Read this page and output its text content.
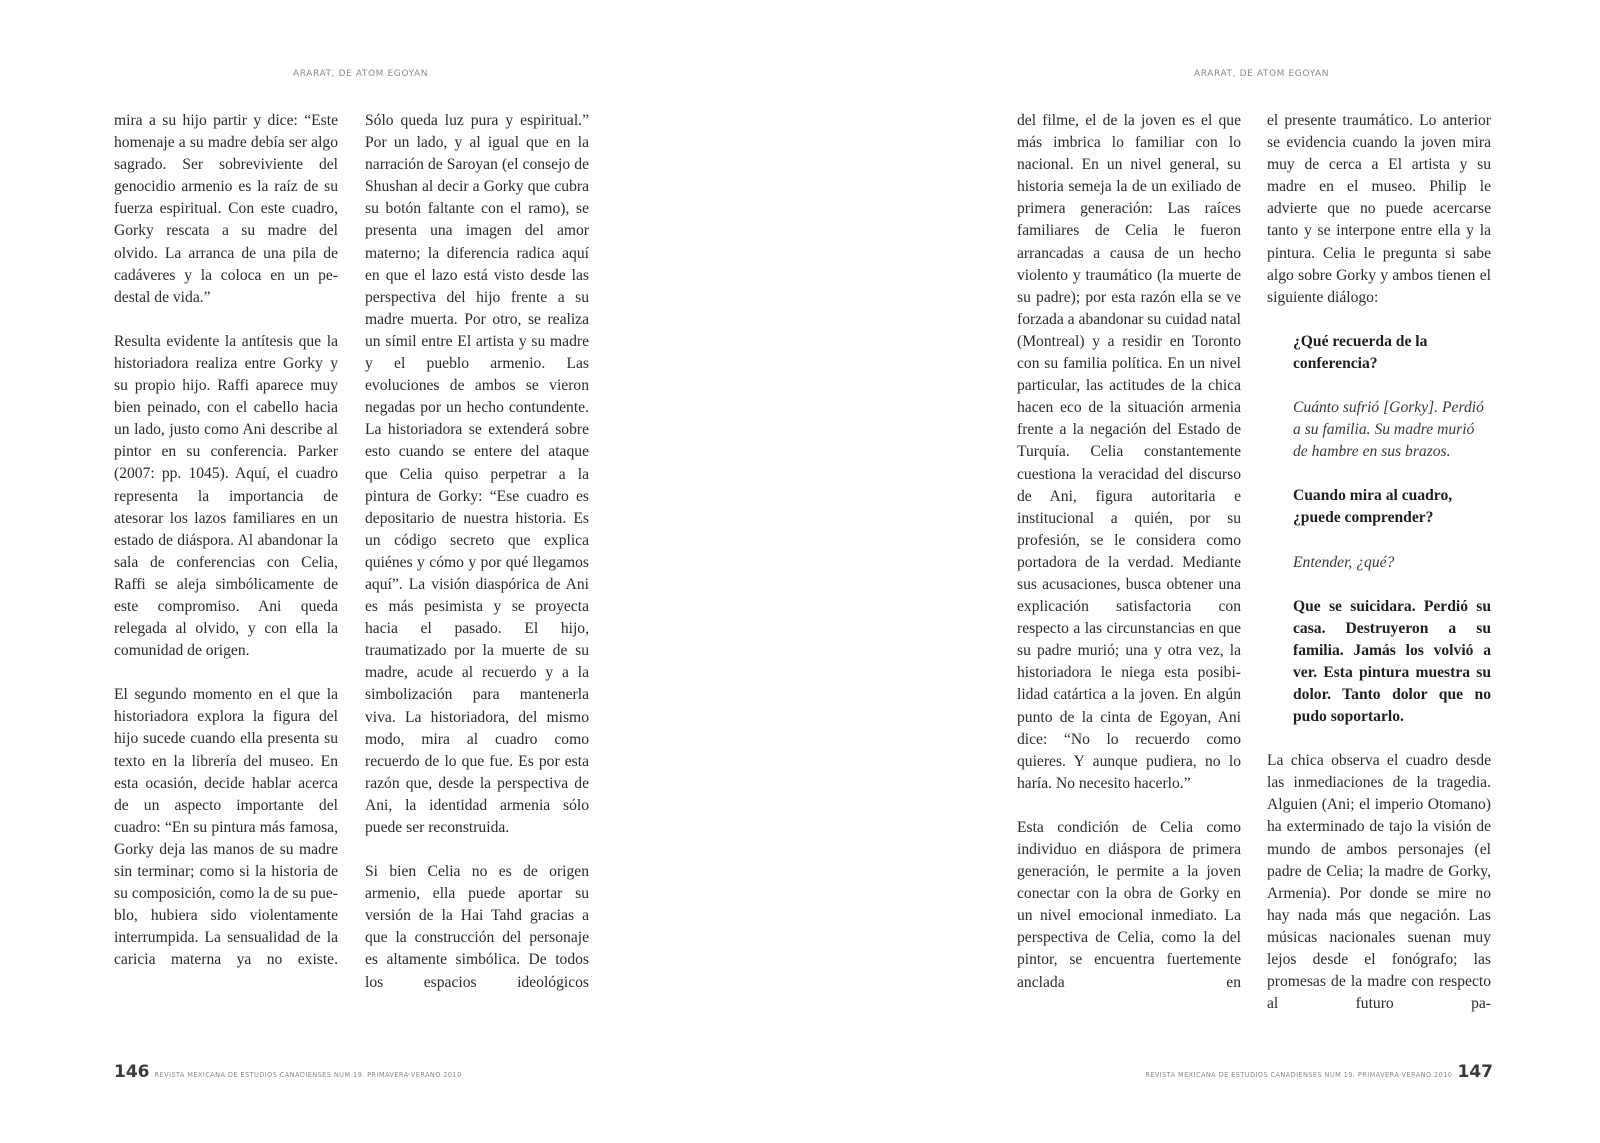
ARARAT, DE ATOM EGOYAN

mira a su hijo partir y dice: “Este homenaje a su madre debía ser algo sagrado. Ser sobreviviente del genocidio armenio es la raíz de su fuerza espiritual. Con este cuadro, Gorky rescata a su madre del olvido. La arranca de una pila de cadáveres y la coloca en un pedestal de vida.”

Resulta evidente la antítesis que la historiadora realiza entre Gorky y su propio hijo. Raffi aparece muy bien peinado, con el cabello hacia un lado, justo como Ani describe al pintor en su conferencia. Parker (2007: pp. 1045). Aquí, el cuadro representa la importancia de atesorar los lazos familiares en un estado de diáspora. Al abandonar la sala de conferencias con Celia, Raffi se aleja simbólicamente de este compromiso. Ani queda relegada al olvido, y con ella la comunidad de origen.

El segundo momento en el que la historiadora explora la figura del hijo sucede cuando ella presenta su texto en la librería del museo. En esta ocasión, decide hablar acerca de un aspecto importante del cuadro: “En su pintura más famosa, Gorky deja las manos de su madre sin terminar; como si la historia de su composición, como la de su pueblo, hubiera sido violentamente interrumpida. La sensualidad de la caricia materna ya no existe.

Sólo queda luz pura y espiritual.” Por un lado, y al igual que en la narración de Saroyan (el consejo de Shushan al decir a Gorky que cubra su botón faltante con el ramo), se presenta una imagen del amor materno; la diferencia radica aquí en que el lazo está visto desde las perspectiva del hijo frente a su madre muerta. Por otro, se realiza un símil entre El artista y su madre y el pueblo armenio. Las evoluciones de ambos se vieron negadas por un hecho contundente. La historiadora se extenderá sobre esto cuando se entere del ataque que Celia quiso perpetrar a la pintura de Gorky: “Ese cuadro es depositario de nuestra historia. Es un código secreto que explica quiénes y cómo y por qué llegamos aquí”. La visión diaspórica de Ani es más pesimista y se proyecta hacia el pasado. El hijo, traumatizado por la muerte de su madre, acude al recuerdo y a la simbolización para mantenerla viva. La historiadora, del mismo modo, mira al cuadro como recuerdo de lo que fue. Es por esta razón que, desde la perspectiva de Ani, la identidad armenia sólo puede ser reconstruida.

Si bien Celia no es de origen armenio, ella puede aportar su versión de la Hai Tahd gracias a que la construcción del personaje es altamente simbólica. De todos los espacios ideológicos

146 REVISTA MEXICANA DE ESTUDIOS CANADIENSES NUM 19. PRIMAVERA-VERANO 2010
ARARAT, DE ATOM EGOYAN

del filme, el de la joven es el que más imbrica lo familiar con lo nacional. En un nivel general, su historia semeja la de un exiliado de primera generación: Las raíces familiares de Celia le fueron arrancadas a causa de un hecho violento y traumático (la muerte de su padre); por esta razón ella se ve forzada a abandonar su cuidad natal (Montreal) y a residir en Toronto con su familia política. En un nivel particular, las actitudes de la chica hacen eco de la situación armenia frente a la negación del Estado de Turquía. Celia constantemente cuestiona la veracidad del discurso de Ani, figura autoritaria e institucional a quién, por su profesión, se le considera como portadora de la verdad. Mediante sus acusaciones, busca obtener una explicación satisfactoria con respecto a las circunstancias en que su padre murió; una y otra vez, la historiadora le niega esta posibilidad catártica a la joven. En algún punto de la cinta de Egoyan, Ani dice: “No lo recuerdo como quieres. Y aunque pudiera, no lo haría. No necesito hacerlo.”

Esta condición de Celia como individuo en diáspora de primera generación, le permite a la joven conectar con la obra de Gorky en un nivel emocional inmediato. La perspectiva de Celia, como la del pintor, se encuentra fuertemente anclada en

el presente traumático. Lo anterior se evidencia cuando la joven mira muy de cerca a El artista y su madre en el museo. Philip le advierte que no puede acercarse tanto y se interpone entre ella y la pintura. Celia le pregunta si sabe algo sobre Gorky y ambos tienen el siguiente diálogo:

¿Qué recuerda de la conferencia?
Cuánto sufrió [Gorky]. Perdió a su familia. Su madre murió de hambre en sus brazos.
Cuando mira al cuadro, ¿puede comprender?
Entender, ¿qué?
Que se suicidara. Perdió su casa. Destruyeron a su familia. Jamás los volvió a ver. Esta pintura muestra su dolor. Tanto dolor que no pudo soportarlo.

La chica observa el cuadro desde las inmediaciones de la tragedia. Alguien (Ani; el imperio Otomano) ha exterminado de tajo la visión de mundo de ambos personajes (el padre de Celia; la madre de Gorky, Armenia). Por donde se mire no hay nada más que negación. Las músicas nacionales suenan muy lejos desde el fonógrafo; las promesas de la madre con respecto al futuro pa-

REVISTA MEXICANA DE ESTUDIOS CANADIENSES NUM 19. PRIMAVERA-VERANO 2010 147
